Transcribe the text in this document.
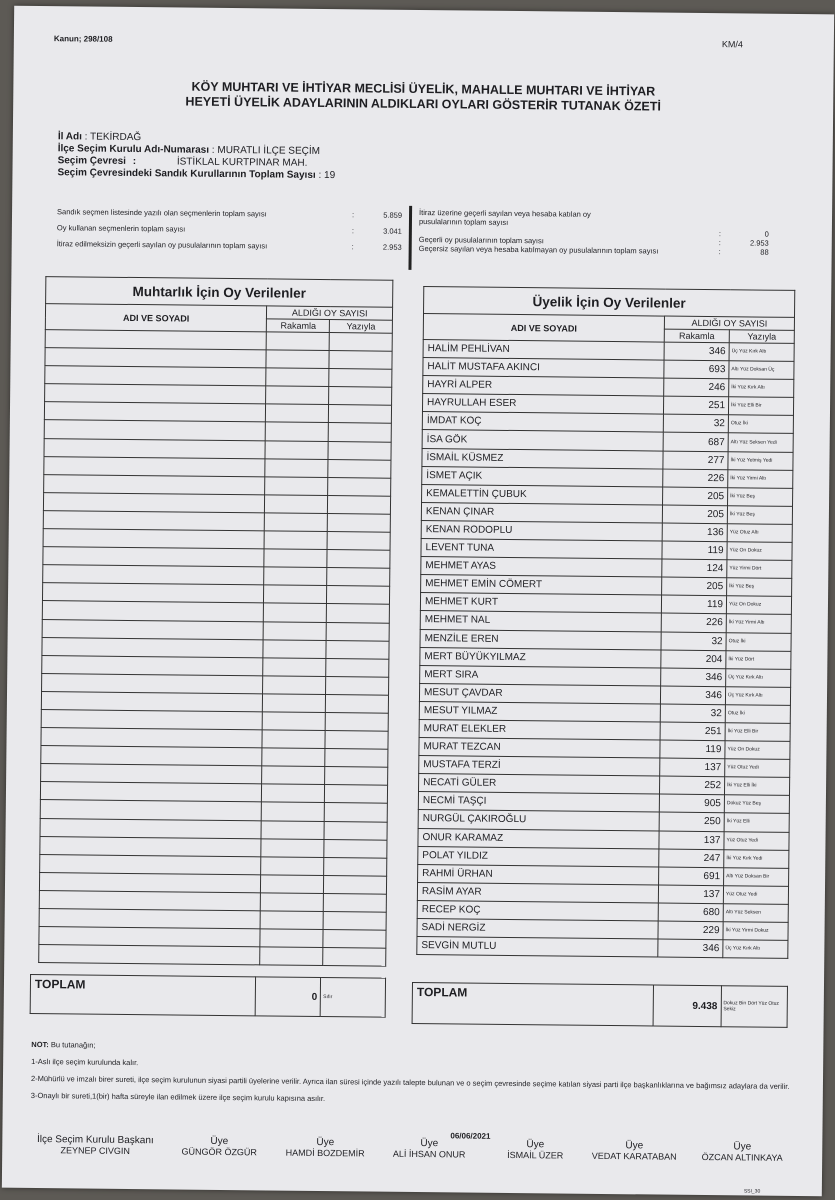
Kanun; 298/108
KM/4
KÖY MUHTARI VE İHTİYAR MECLİSİ ÜYELİK, MAHALLE MUHTARI VE İHTİYAR
HEYETİ ÜYELİK ADAYLARININ ALDIKLARI OYLARI GÖSTERİR TUTANAK ÖZETİ
İl Adı : TEKİRDAĞ
İlçe Seçim Kurulu Adı-Numarası : MURATLI İLÇE SEÇİM
Seçim Çevresi :	İSTİKLAL KURTPINAR MAH.
Seçim Çevresindeki Sandık Kurullarının Toplam Sayısı : 19
Sandık seçmen listesinde yazılı olan seçmenlerin toplam sayısı	:	5.859
Oy kullanan seçmenlerin toplam sayısı	:	3.041
İtiraz edilmeksizin geçerli sayılan oy pusulalarının toplam sayısı	:	2.953
İtiraz üzerine geçerli sayılan veya hesaba katılan oy
pusulalarının toplam sayısı
:	0
Geçerli oy pusulalarının toplam sayısı	:	2.953
Geçersiz sayılan veya hesaba katılmayan oy pusulalarının toplam sayısı	:	88
Muhtarlık İçin Oy Verilenler		
ADI VE SOYADI	ALDIĞI OY SAYISI	
	Rakamla	Yazıyla

TOPLAM	0	Sıfır
Üyelik İçin Oy Verilenler		
ADI VE SOYADI	ALDIĞI OY SAYISI	
	Rakamla	Yazıyla
HALİM PEHLİVAN	346	Üç Yüz Kırk Altı
HALİT MUSTAFA AKINCI	693	Altı Yüz Doksan Üç
HAYRİ ALPER	246	İki Yüz Kırk Altı
HAYRULLAH ESER	251	İki Yüz Elli Bir
İMDAT KOÇ	32	Otuz İki
İSA GÖK	687	Altı Yüz Seksen Yedi
İSMAİL KÜSMEZ	277	İki Yüz Yetmiş Yedi
İSMET AÇIK	226	İki Yüz Yirmi Altı
KEMALETTİN ÇUBUK	205	İki Yüz Beş
KENAN ÇINAR	205	İki Yüz Beş
KENAN RODOPLU	136	Yüz Otuz Altı
LEVENT TUNA	119	Yüz On Dokuz
MEHMET AYAS	124	Yüz Yirmi Dört
MEHMET EMİN CÖMERT	205	İki Yüz Beş
MEHMET KURT	119	Yüz On Dokuz
MEHMET NAL	226	İki Yüz Yirmi Altı
MENZİLE EREN	32	Otuz İki
MERT BÜYÜKYILMAZ	204	İki Yüz Dört
MERT SIRA	346	Üç Yüz Kırk Altı
MESUT ÇAVDAR	346	Üç Yüz Kırk Altı
MESUT YILMAZ	32	Otuz İki
MURAT ELEKLER	251	İki Yüz Elli Bir
MURAT TEZCAN	119	Yüz On Dokuz
MUSTAFA TERZİ	137	Yüz Otuz Yedi
NECATİ GÜLER	252	İki Yüz Elli İki
NECMİ TAŞÇI	905	Dokuz Yüz Beş
NURGÜL ÇAKIROĞLU	250	İki Yüz Elli
ONUR KARAMAZ	137	Yüz Otuz Yedi
POLAT YILDIZ	247	İki Yüz Kırk Yedi
RAHMİ ÜRHAN	691	Altı Yüz Doksan Bir
RASİM AYAR	137	Yüz Otuz Yedi
RECEP KOÇ	680	Altı Yüz Seksen
SADİ NERGİZ	229	İki Yüz Yirmi Dokuz
SEVGİN MUTLU	346	Üç Yüz Kırk Altı
TOPLAM	9.438	Dokuz Bin Dört Yüz Otuz Sekiz
NOT: Bu tutanağın;
1-Aslı ilçe seçim kurulunda kalır.
2-Mühürlü ve imzalı birer sureti, ilçe seçim kurulunun siyasi partili üyelerine verilir. Ayrıca ilan süresi içinde yazılı talepte bulunan ve o seçim çevresinde seçime katılan siyasi parti ilçe başkanlıklarına ve bağımsız adaylara da verilir.
3-Onaylı bir sureti,1(bir) hafta süreyle ilan edilmek üzere ilçe seçim kurulu kapısına asılır.
06/06/2021
İlçe Seçim Kurulu Başkanı
ZEYNEP CIVGIN
Üye
GÜNGÖR ÖZGÜR
Üye
HAMDİ BOZDEMİR
Üye
ALİ İHSAN ONUR
Üye
İSMAİL ÜZER
Üye
VEDAT KARATABAN
Üye
ÖZCAN ALTINKAYA
SSI_30
